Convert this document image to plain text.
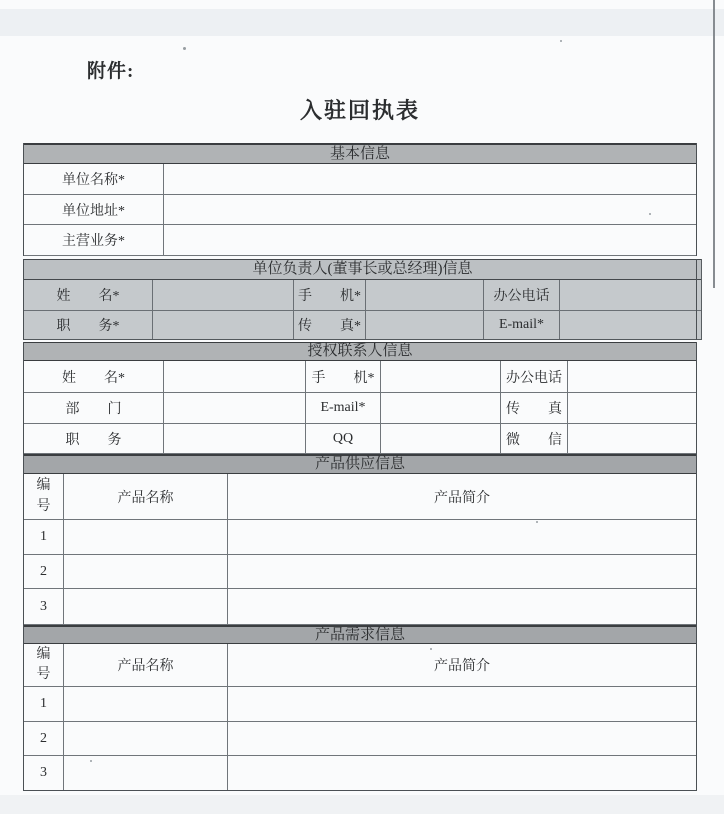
附件:
入驻回执表
基本信息
单位名称*
单位地址*
主营业务*
单位负责人(董事长或总经理)信息
姓　　名*	手　　机*	办公电话
职　　务*	传　　真*	E-mail*
授权联系人信息
姓　　名*	手　　机*	办公电话
部　　门	E-mail*	传　　真
职　　务	QQ	微　　信
产品供应信息
编
号
产品名称	产品简介
1
2
3
产品需求信息
编
号
产品名称	产品简介
1
2
3
